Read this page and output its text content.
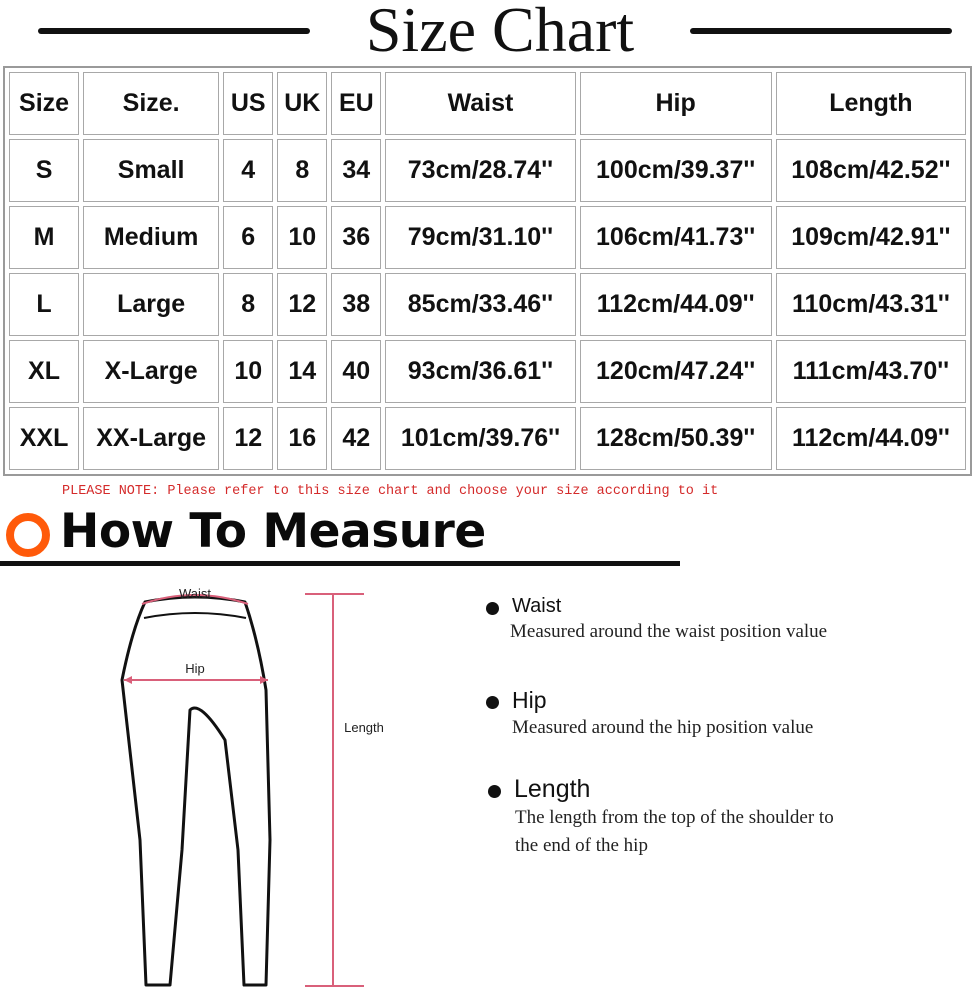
Size Chart
Size	Size.	US	UK	EU	Waist	Hip	Length
S	Small	4	8	34	73cm/28.74''	100cm/39.37''	108cm/42.52''
M	Medium	6	10	36	79cm/31.10''	106cm/41.73''	109cm/42.91''
L	Large	8	12	38	85cm/33.46''	112cm/44.09''	110cm/43.31''
XL	X-Large	10	14	40	93cm/36.61''	120cm/47.24''	111cm/43.70''
XXL	XX-Large	12	16	42	101cm/39.76''	128cm/50.39''	112cm/44.09''
PLEASE NOTE: Please refer to this size chart and choose your size according to it
How To Measure
Waist
Hip
Length
Waist
Measured around the waist position value
Hip
Measured around the hip position value
Length
The length from the top of the shoulder to
the end of the hip
